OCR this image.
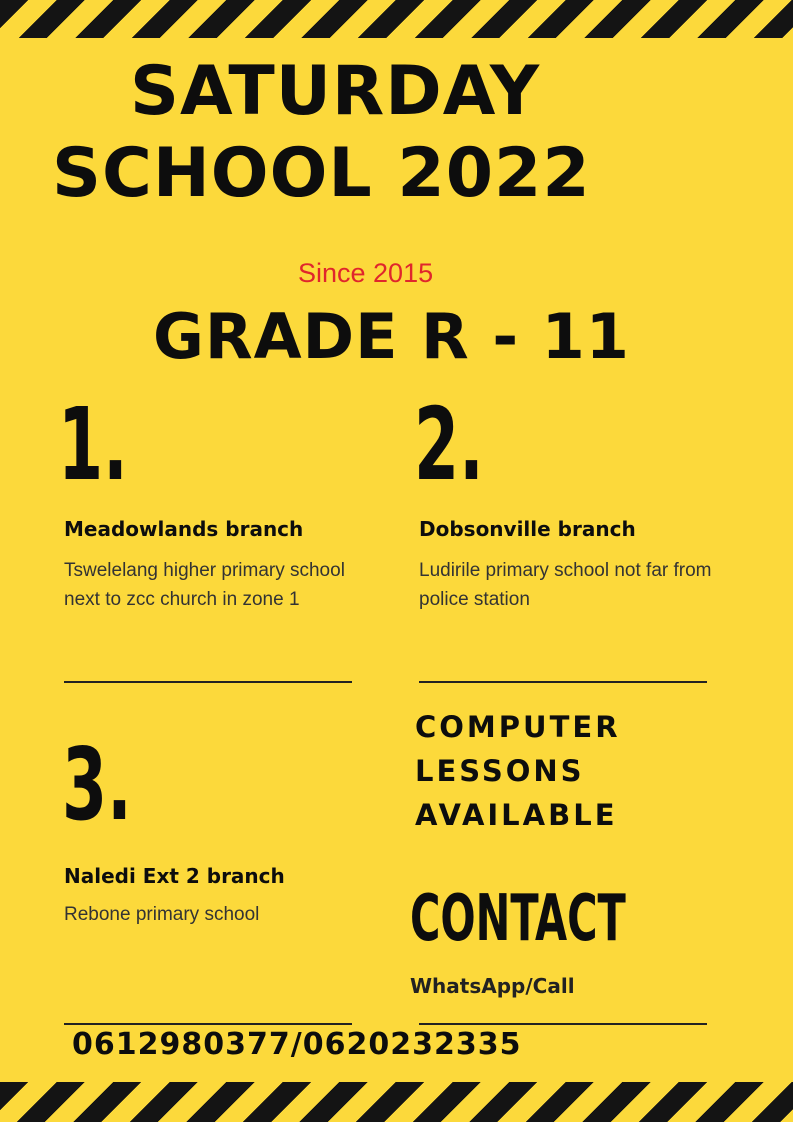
SATURDAY
SCHOOL 2022
Since 2015
GRADE R - 11
1.
Meadowlands branch
Tswelelang higher primary school next to zcc church in zone 1
2.
Dobsonville branch
Ludirile primary school not far from police station
3.
Naledi Ext 2 branch
Rebone primary school
COMPUTER
LESSONS
AVAILABLE
CONTACT
WhatsApp/Call
0612980377/0620232335
